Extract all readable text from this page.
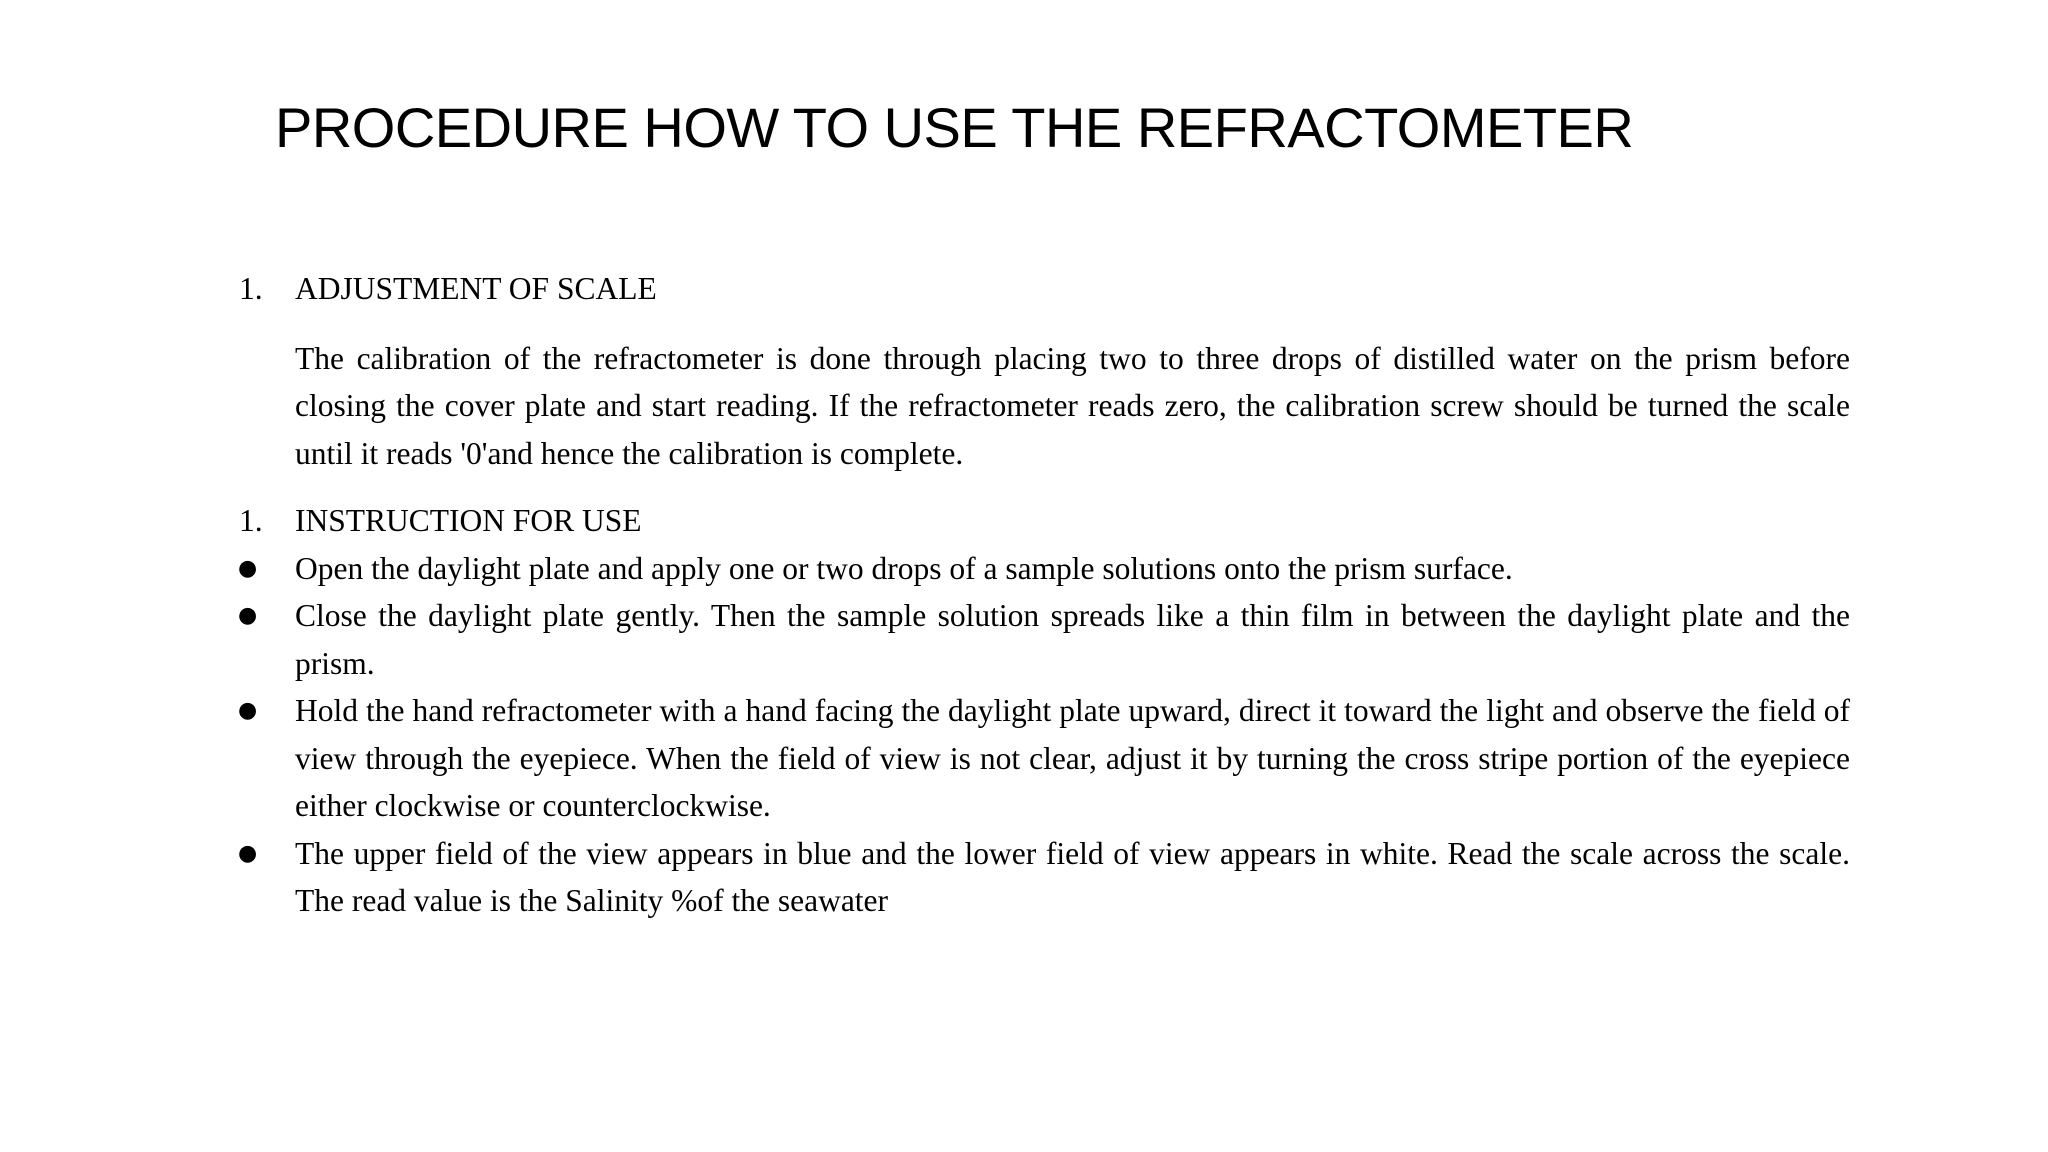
PROCEDURE HOW TO USE THE REFRACTOMETER
1. ADJUSTMENT OF SCALE

The calibration of the refractometer is done through placing two to three drops of distilled water on the prism before closing the cover plate and start reading. If the refractometer reads zero, the calibration screw should be turned the scale until it reads '0'and hence the calibration is complete.

1. INSTRUCTION FOR USE
● Open the daylight plate and apply one or two drops of a sample solutions onto the prism surface.
● Close the daylight plate gently. Then the sample solution spreads like a thin film in between the daylight plate and the prism.
● Hold the hand refractometer with a hand facing the daylight plate upward, direct it toward the light and observe the field of view through the eyepiece. When the field of view is not clear, adjust it by turning the cross stripe portion of the eyepiece either clockwise or counterclockwise.
● The upper field of the view appears in blue and the lower field of view appears in white. Read the scale across the scale. The read value is the Salinity %of the seawater
